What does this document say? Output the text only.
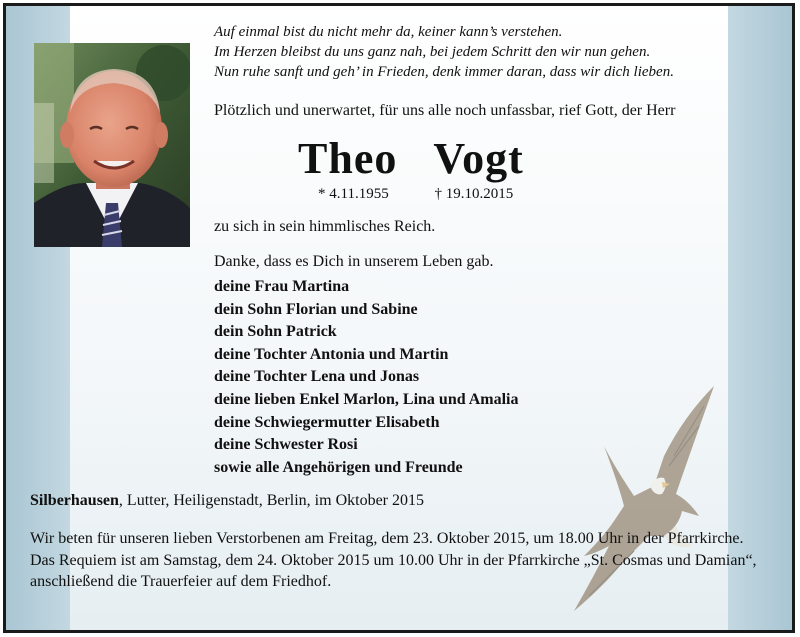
Auf einmal bist du nicht mehr da, keiner kann’s verstehen.
Im Herzen bleibst du uns ganz nah, bei jedem Schritt den wir nun gehen.
Nun ruhe sanft und geh’ in Frieden, denk immer daran, dass wir dich lieben.
Plötzlich und unerwartet, für uns alle noch unfassbar, rief Gott, der Herr
Theo Vogt
* 4.11.1955	† 19.10.2015
zu sich in sein himmlisches Reich.
Danke, dass es Dich in unserem Leben gab.
deine Frau Martina
dein Sohn Florian und Sabine
dein Sohn Patrick
deine Tochter Antonia und Martin
deine Tochter Lena und Jonas
deine lieben Enkel Marlon, Lina und Amalia
deine Schwiegermutter Elisabeth
deine Schwester Rosi
sowie alle Angehörigen und Freunde
Silberhausen, Lutter, Heiligenstadt, Berlin, im Oktober 2015
Wir beten für unseren lieben Verstorbenen am Freitag, dem 23. Oktober 2015, um 18.00 Uhr in der Pfarrkirche.
Das Requiem ist am Samstag, dem 24. Oktober 2015 um 10.00 Uhr in der Pfarrkirche „St. Cosmas und Damian“, anschließend die Trauerfeier auf dem Friedhof.
